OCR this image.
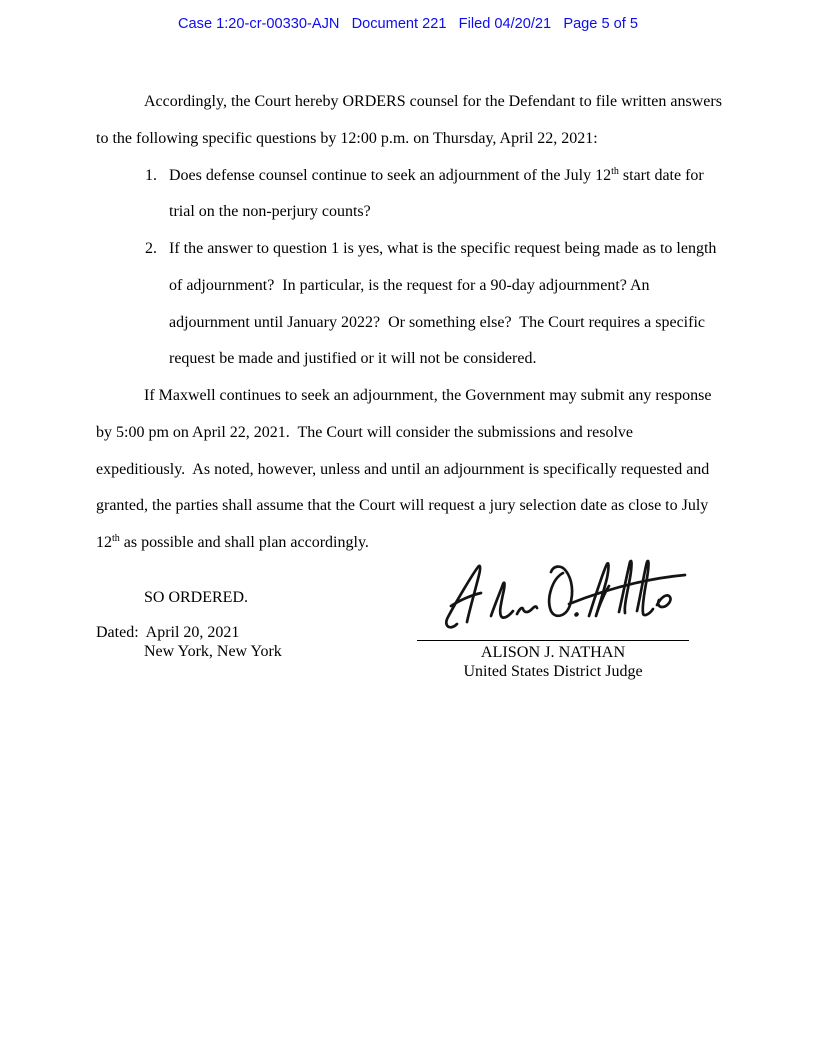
Case 1:20-cr-00330-AJN   Document 221   Filed 04/20/21   Page 5 of 5

Accordingly, the Court hereby ORDERS counsel for the Defendant to file written answers to the following specific questions by 12:00 p.m. on Thursday, April 22, 2021:

1. Does defense counsel continue to seek an adjournment of the July 12th start date for trial on the non-perjury counts?
2. If the answer to question 1 is yes, what is the specific request being made as to length of adjournment?  In particular, is the request for a 90-day adjournment? An adjournment until January 2022?  Or something else?  The Court requires a specific request be made and justified or it will not be considered.

If Maxwell continues to seek an adjournment, the Government may submit any response by 5:00 pm on April 22, 2021.  The Court will consider the submissions and resolve expeditiously.  As noted, however, unless and until an adjournment is specifically requested and granted, the parties shall assume that the Court will request a jury selection date as close to July 12th as possible and shall plan accordingly.

SO ORDERED.
Dated: April 20, 2021
New York, New York	ALISON J. NATHAN
United States District Judge
